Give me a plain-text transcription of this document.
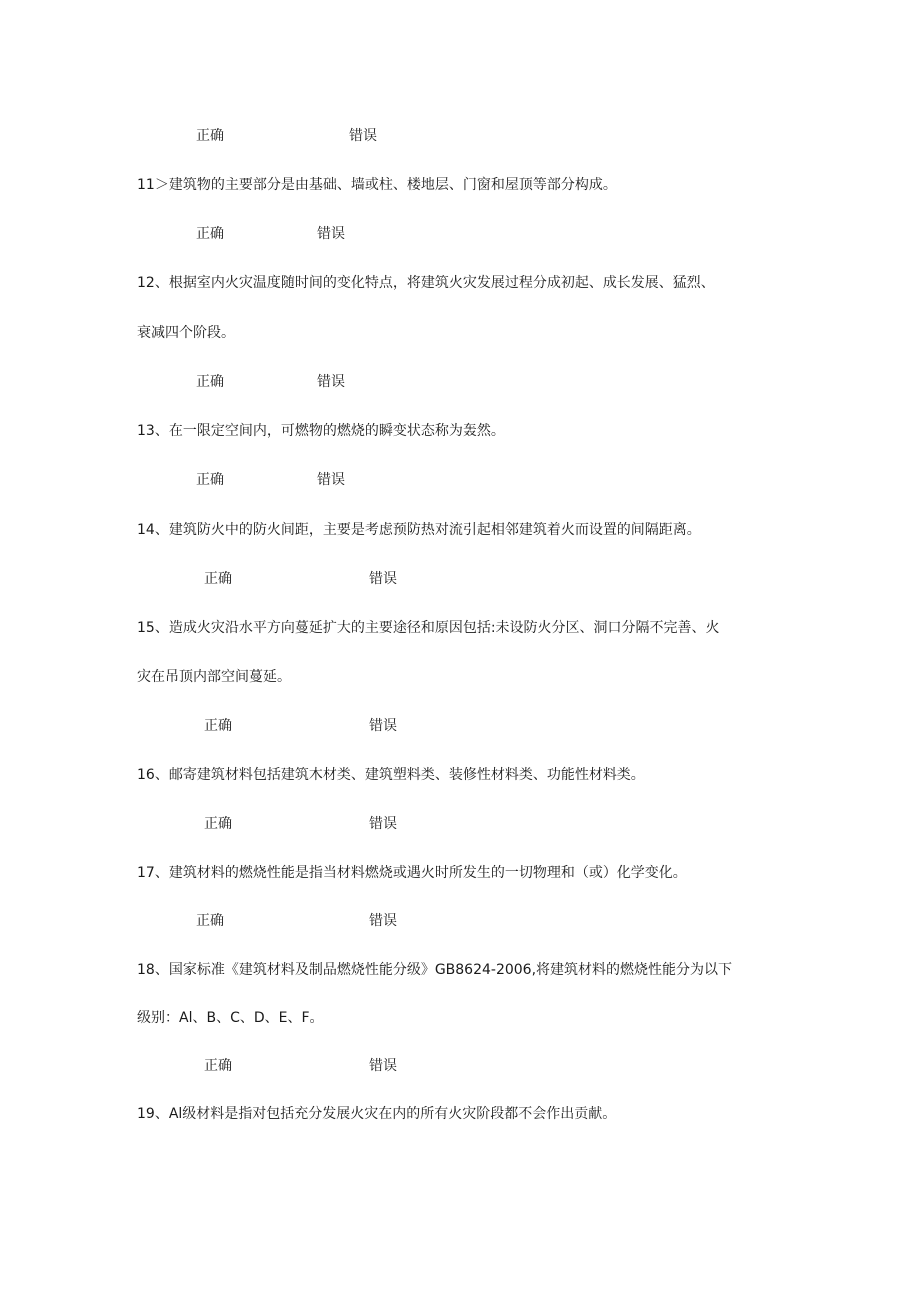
正确	错误
11＞建筑物的主要部分是由基础、墙或柱、楼地层、门窗和屋顶等部分构成。
正确	错误
12、根据室内火灾温度随时间的变化特点，将建筑火灾发展过程分成初起、成长发展、猛烈、
衰减四个阶段。
正确	错误
13、在一限定空间内，可燃物的燃烧的瞬变状态称为轰然。
正确	错误
14、建筑防火中的防火间距，主要是考虑预防热对流引起相邻建筑着火而设置的间隔距离。
正确	错误
15、造成火灾沿水平方向蔓延扩大的主要途径和原因包括:未设防火分区、洞口分隔不完善、火
灾在吊顶内部空间蔓延。
正确	错误
16、邮寄建筑材料包括建筑木材类、建筑塑料类、装修性材料类、功能性材料类。
正确	错误
17、建筑材料的燃烧性能是指当材料燃烧或遇火时所发生的一切物理和（或）化学变化。
正确	错误
18、国家标准《建筑材料及制品燃烧性能分级》GB8624-2006,将建筑材料的燃烧性能分为以下
级别：Al、B、C、D、E、F。
正确	错误
19、Al级材料是指对包括充分发展火灾在内的所有火灾阶段都不会作出贡献。
